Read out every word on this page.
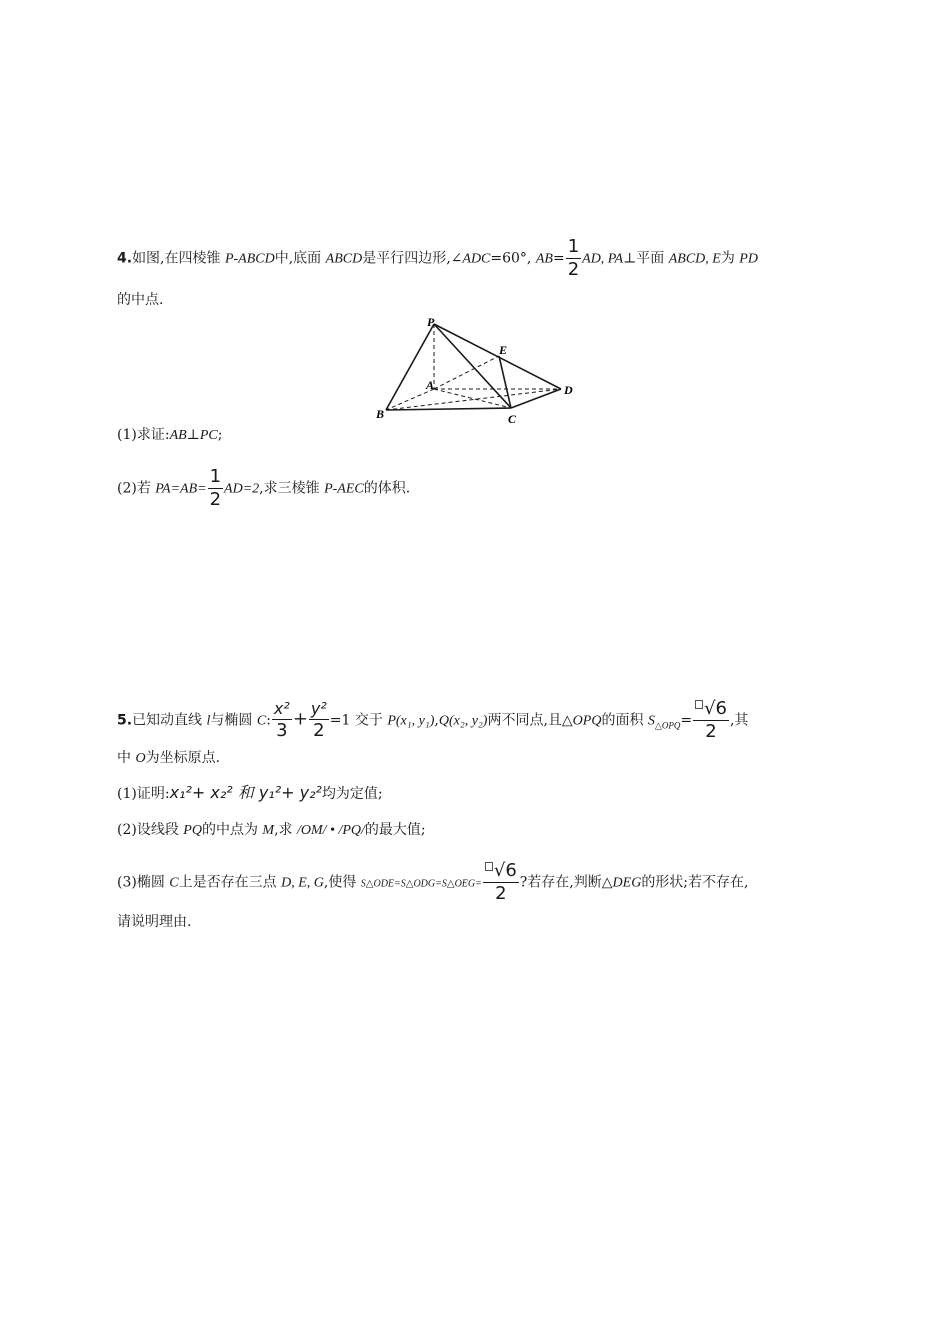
4.如图,在四棱锥 P-ABCD中,底面 ABCD是平行四边形,∠ADC=60°, $AB= \frac{1}{2}$ AD, PA⊥平面 ABCD, E为 PD
的中点.
P
A
B	C
D
E
(1)求证:AB⊥PC;
(2)若 $PA=AB= \frac{1}{2} AD=2$,求三棱锥 P-AEC的体积.
5.已知动直线 l与椭圆 C: $\frac{\text{x²}}{3} + \frac{\text{y²}}{2} =1$ 交于 P(x₁, y₁),Q(x₂, y₂)两不同点,且△OPQ的面积 $S_{\triangle OPQ}= \frac{√6}{2}$ ,其
中 O为坐标原点.
(1)证明:x₁²+ x₂² 和 y₁²+ y₂²均为定值;
(2)设线段 PQ的中点为 M,求 /OM/ • /PQ/的最大值;
(3)椭圆 C上是否存在三点 D, E, G,使得 S△ODE=S△ODG=S△OEG= $\frac{√6}{2}$ ?若存在,判断△DEG的形状;若不存在,
请说明理由.
